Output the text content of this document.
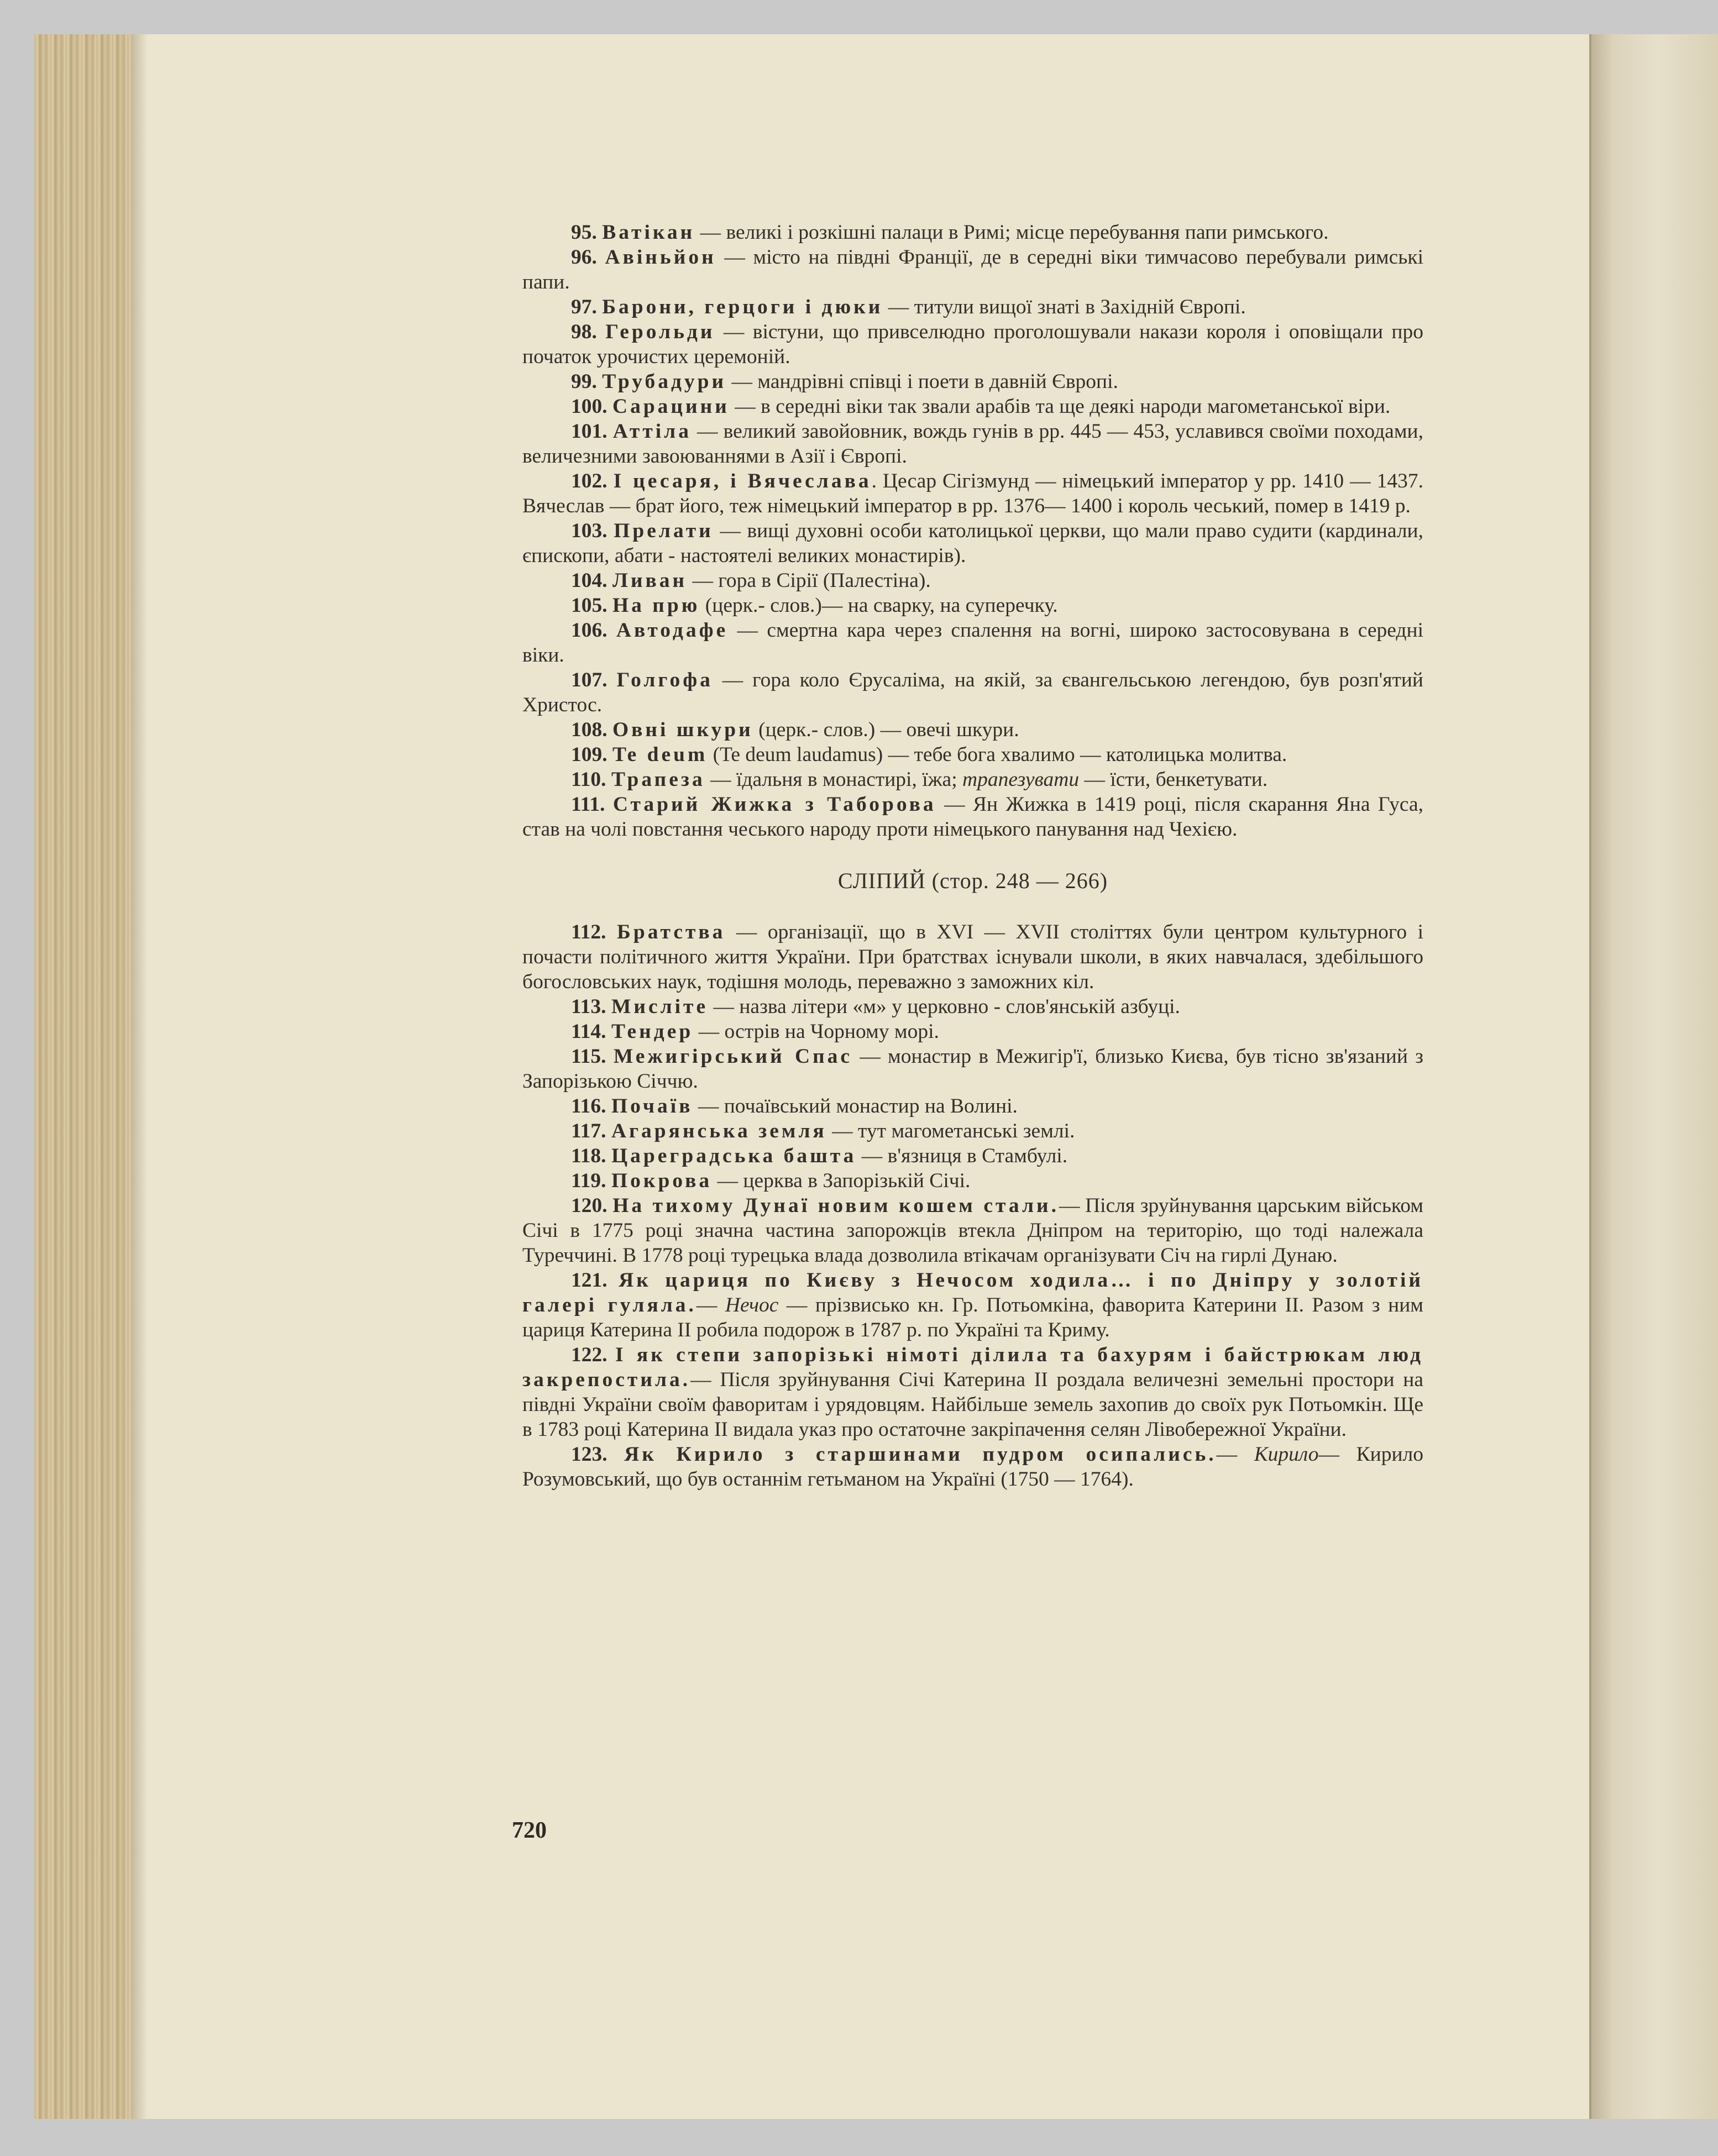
95. Ватікан — великі і розкішні палаци в Римі; місце перебування папи римського.

96. Авіньйон — місто на півдні Франції, де в середні віки тимчасово перебували римські папи.

97. Барони, герцоги і дюки — титули вищої знаті в Західній Європі.

98. Герольди — вістуни, що привселюдно проголошували накази короля і оповіщали про початок урочистих церемоній.

99. Трубадури — мандрівні співці і поети в давній Європі.

100. Сарацини — в середні віки так звали арабів та ще деякі народи магометанської віри.

101. Аттіла — великий завойовник, вождь гунів в рр. 445 — 453, уславився своїми походами, величезними завоюваннями в Азії і Європі.

102. І цесаря, і Вячеслава. Цесар Сігізмунд — німецький імператор у рр. 1410 — 1437. Вячеслав — брат його, теж німецький імператор в рр. 1376— 1400 і король чеський, помер в 1419 р.

103. Прелати — вищі духовні особи католицької церкви, що мали право судити (кардинали, єпископи, абати - настоятелі великих монастирів).

104. Ливан — гора в Сірії (Палестіна).

105. На прю (церк.- слов.)— на сварку, на суперечку.

106. Автодафе — смертна кара через спалення на вогні, широко застосовувана в середні віки.

107. Голгофа — гора коло Єрусаліма, на якій, за євангельською легендою, був розп'ятий Христос.

108. Овні шкури (церк.- слов.) — овечі шкури.

109. Te deum (Te deum laudamus) — тебе бога хвалимо — католицька молитва.

110. Трапеза — їдальня в монастирі, їжа; трапезувати — їсти, бенкетувати.

111. Старий Жижка з Таборова — Ян Жижка в 1419 році, після скарання Яна Гуса, став на чолі повстання чеського народу проти німецького панування над Чехією.

СЛІПИЙ (стор. 248 — 266)

112. Братства — організації, що в XVI — XVII століттях були центром культурного і почасти політичного життя України. При братствах існували школи, в яких навчалася, здебільшого богословських наук, тодішня молодь, переважно з заможних кіл.

113. Мисліте — назва літери «м» у церковно - слов'янській азбуці.

114. Тендер — острів на Чорному морі.

115. Межигірський Спас — монастир в Межигір'ї, близько Києва, був тісно зв'язаний з Запорізькою Січчю.

116. Почаїв — почаївський монастир на Волині.

117. Агарянська земля — тут магометанські землі.

118. Цареградська башта — в'язниця в Стамбулі.

119. Покрова — церква в Запорізькій Січі.

120. На тихому Дунаї новим кошем стали.— Після зруйнування царським військом Січі в 1775 році значна частина запорожців втекла Дніпром на територію, що тоді належала Туреччині. В 1778 році турецька влада дозволила втікачам організувати Січ на гирлі Дунаю.

121. Як цариця по Києву з Нечосом ходила… і по Дніпру у золотій галері гуляла.— Нечос — прізвисько кн. Гр. Потьомкіна, фаворита Катерини II. Разом з ним цариця Катерина II робила подорож в 1787 р. по Україні та Криму.

122. І як степи запорізькі німоті ділила та бахурям і байстрюкам люд закрепостила.— Після зруйнування Січі Катерина II роздала величезні земельні простори на півдні України своїм фаворитам і урядовцям. Найбільше земель захопив до своїх рук Потьомкін. Ще в 1783 році Катерина II видала указ про остаточне закріпачення селян Лівобережної України.

123. Як Кирило з старшинами пудром осипались.— Кирило— Кирило Розумовський, що був останнім гетьманом на Україні (1750 — 1764).

720
